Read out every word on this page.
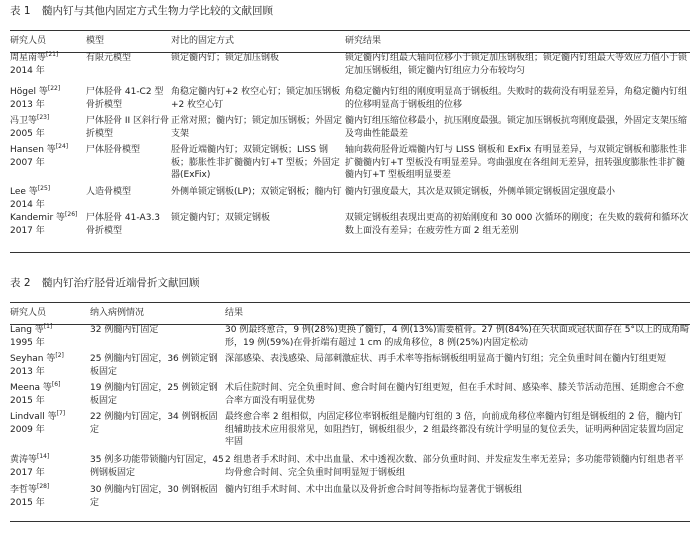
表 1 髓内钉与其他内固定方式生物力学比较的文献回顾
研究人员	模型	对比的固定方式	研究结果
周星南等[21]
2014 年	有限元模型	锁定髓内钉；锁定加压钢板	锁定髓内钉组最大轴向位移小于锁定加压钢板组；锁定髓内钉组最大等效应力值小于锁定加压钢板组，锁定髓内钉组应力分布较均匀
Högel 等[22]
2013 年	尸体胫骨 41-C2 型骨折模型	角稳定髓内钉+2 枚空心钉；锁定加压钢板+2 枚空心钉	角稳定髓内钉组的刚度明显高于钢板组。失败时的载荷没有明显差异，角稳定髓内钉组的位移明显高于钢板组的位移
冯卫等[23]
2005 年	尸体胫骨 II 区斜行骨折模型	正常对照；髓内钉；锁定加压钢板；外固定支架	髓内钉组压缩位移最小，抗压刚度最强。锁定加压钢板抗弯刚度最强，外固定支架压缩及弯曲性能最差
Hansen 等[24]
2007 年	尸体胫骨模型	胫骨近端髓内钉；双锁定钢板；LISS 钢板；膨胀性非扩髓髓内钉+T 型板；外固定器(ExFix)	轴向载荷胫骨近端髓内钉与 LISS 钢板和 ExFix 有明显差异，与双锁定钢板和膨胀性非扩髓髓内钉+T 型板没有明显差异。弯曲强度在各组间无差异，扭转强度膨胀性非扩髓髓内钉+T 型板组明显要差
Lee 等[25]
2014 年	人造骨模型	外侧单锁定钢板(LP)；双锁定钢板；髓内钉	髓内钉强度最大，其次是双锁定钢板，外侧单锁定钢板固定强度最小
Kandemir 等[26]
2017 年	尸体胫骨 41-A3.3 骨折模型	锁定髓内钉；双锁定钢板	双锁定钢板组表现出更高的初始刚度和 30 000 次循环的刚度；在失败的载荷和循环次数上面没有差异；在疲劳性方面 2 组无差别
表 2 髓内钉治疗胫骨近端骨折文献回顾
研究人员	纳入病例情况	结果
Lang 等[1]
1995 年	32 例髓内钉固定	30 例最终愈合，9 例(28%)更换了髓钉，4 例(13%)需要植骨。27 例(84%)在矢状面或冠状面存在 5°以上的成角畸形，19 例(59%)在骨折端有超过 1 cm 的成角移位，8 例(25%)内固定松动
Seyhan 等[2]
2013 年	25 例髓内钉固定，36 例锁定钢板固定	深部感染、表浅感染、局部刺激症状、再手术率等指标钢板组明显高于髓内钉组；完全负重时间在髓内钉组更短
Meena 等[6]
2015 年	19 例髓内钉固定，25 例锁定钢板固定	术后住院时间、完全负重时间、愈合时间在髓内钉组更短，但在手术时间、感染率、膝关节活动范围、延期愈合不愈合率方面没有明显优势
Lindvall 等[7]
2009 年	22 例髓内钉固定，34 例钢板固定	最终愈合率 2 组相似，内固定移位率钢板组是髓内钉组的 3 倍，向前成角移位率髓内钉组是钢板组的 2 倍，髓内钉组辅助技术应用很常见，如阻挡钉，钢板组很少，2 组最终都没有统计学明显的复位丢失，证明两种固定装置均固定牢固
黄涛等[14]
2017 年	35 例多功能带锁髓内钉固定，45 例钢板固定	2 组患者手术时间、术中出血量、术中透视次数、部分负重时间、并发症发生率无差异；多功能带锁髓内钉组患者平均骨愈合时间、完全负重时间明显短于钢板组
李哲等[28]
2015 年	30 例髓内钉固定，30 例钢板固定	髓内钉组手术时间、术中出血量以及骨折愈合时间等指标均显著优于钢板组
